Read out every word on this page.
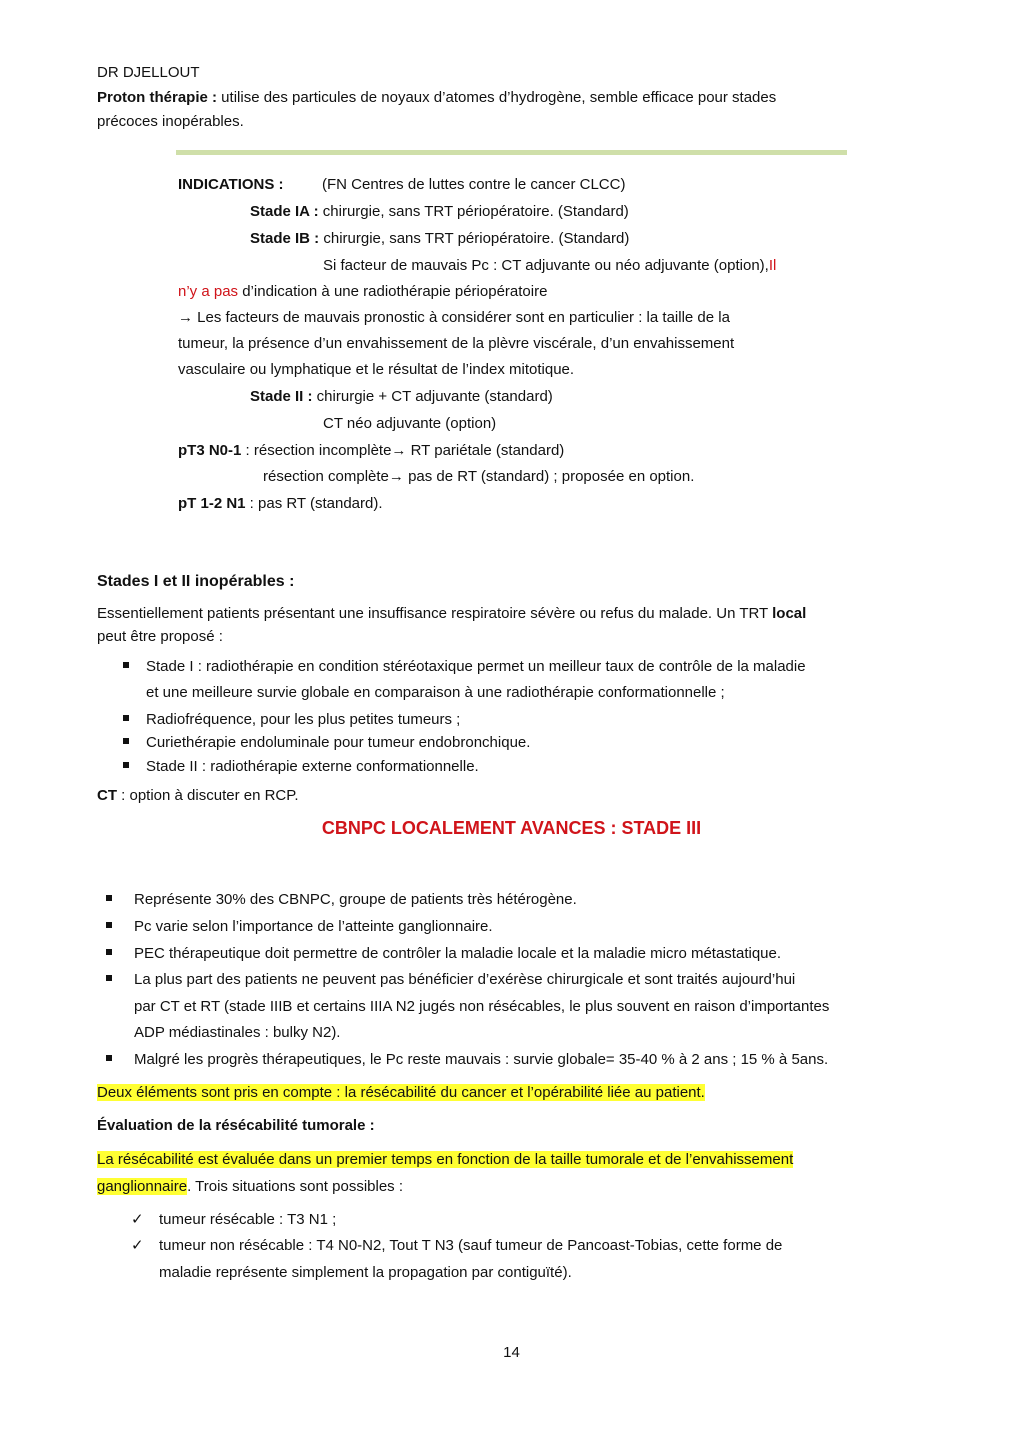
DR DJELLOUT
Proton thérapie : utilise des particules de noyaux d’atomes d’hydrogène, semble efficace pour stades
précoces inopérables.
INDICATIONS :	(FN Centres de luttes contre le cancer CLCC)
Stade IA : chirurgie, sans TRT périopératoire. (Standard)
Stade IB : chirurgie, sans TRT périopératoire. (Standard)
Si facteur de mauvais Pc : CT adjuvante ou néo adjuvante (option),Il
n’y a pas d’indication à une radiothérapie périopératoire
→ Les facteurs de mauvais pronostic à considérer sont en particulier : la taille de la
tumeur, la présence d’un envahissement de la plèvre viscérale, d’un envahissement
vasculaire ou lymphatique et le résultat de l’index mitotique.
Stade II : chirurgie + CT adjuvante (standard)
CT néo adjuvante (option)
pT3 N0-1 : résection incomplète→ RT pariétale (standard)
résection complète→ pas de RT (standard) ; proposée en option.
pT 1-2 N1 : pas RT (standard).
Stades I et II inopérables :
Essentiellement patients présentant une insuffisance respiratoire sévère ou refus du malade. Un TRT local
peut être proposé :
Stade I : radiothérapie en condition stéréotaxique permet un meilleur taux de contrôle de la maladie
et une meilleure survie globale en comparaison à une radiothérapie conformationnelle ;
Radiofréquence, pour les plus petites tumeurs ;
Curiethérapie endoluminale pour tumeur endobronchique.
Stade II : radiothérapie externe conformationnelle.
CT : option à discuter en RCP.
CBNPC LOCALEMENT AVANCES : STADE III
Représente 30% des CBNPC, groupe de patients très hétérogène.
Pc varie selon l’importance de l’atteinte ganglionnaire.
PEC thérapeutique doit permettre de contrôler la maladie locale et la maladie micro métastatique.
La plus part des patients ne peuvent pas bénéficier d’exérèse chirurgicale et sont traités aujourd’hui
par CT et RT (stade IIIB et certains IIIA N2 jugés non résécables, le plus souvent en raison d’importantes
ADP médiastinales : bulky N2).
Malgré les progrès thérapeutiques, le Pc reste mauvais : survie globale= 35-40 % à 2 ans ; 15 % à 5ans.
Deux éléments sont pris en compte : la résécabilité du cancer et l’opérabilité liée au patient.
Évaluation de la résécabilité tumorale :
La résécabilité est évaluée dans un premier temps en fonction de la taille tumorale et de l’envahissement
ganglionnaire. Trois situations sont possibles :
✓ tumeur résécable : T3 N1 ;
✓ tumeur non résécable : T4 N0-N2, Tout T N3 (sauf tumeur de Pancoast-Tobias, cette forme de
maladie représente simplement la propagation par contiguïté).
14
